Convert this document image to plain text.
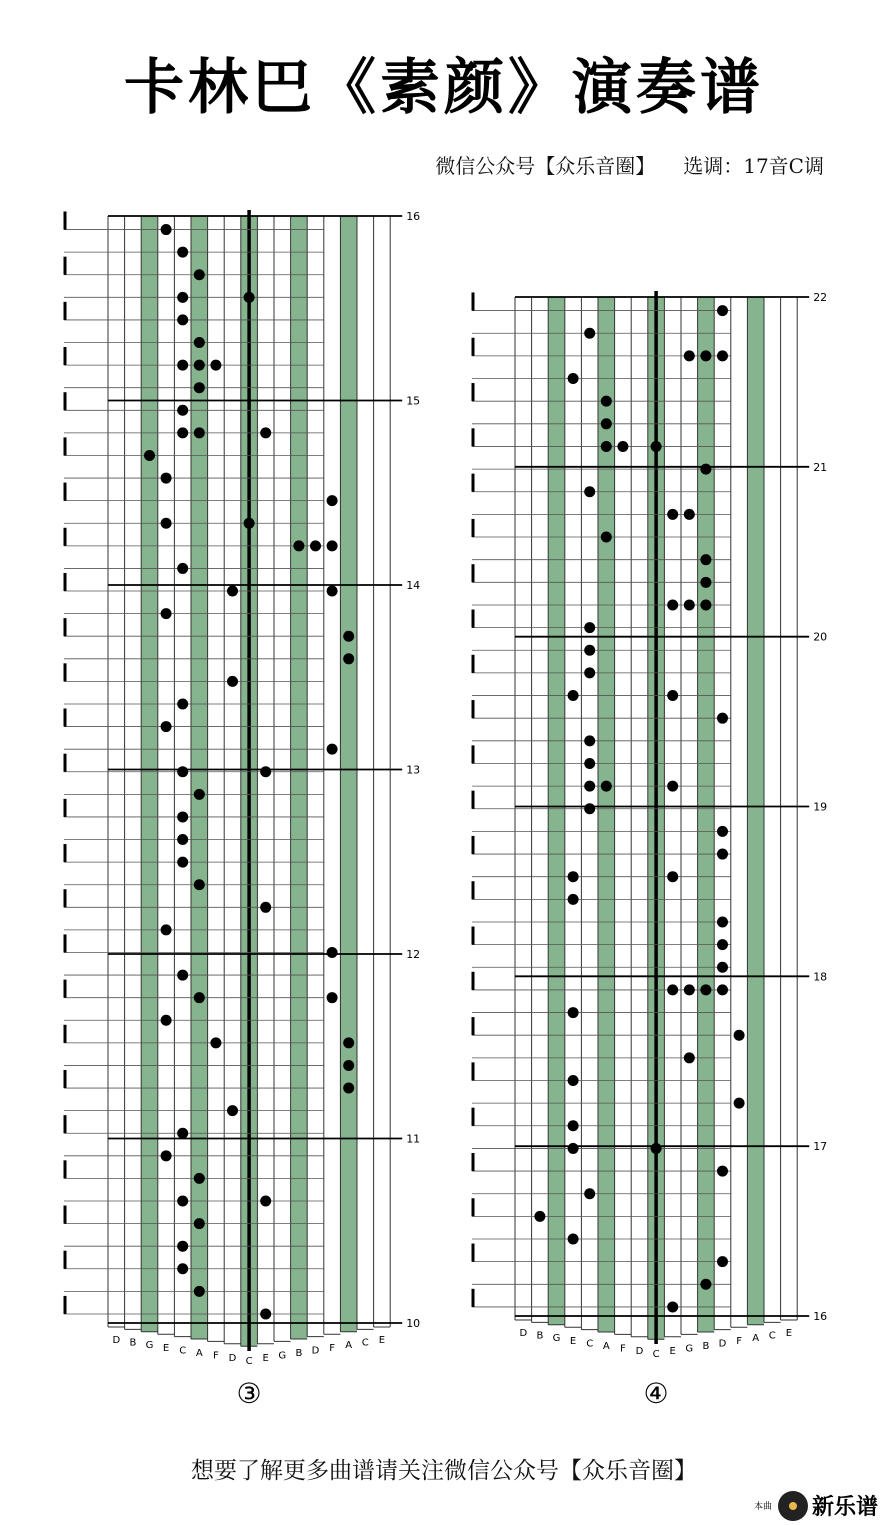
卡林巴《素颜》演奏谱
微信公众号【众乐音圈】 选调：17音C调
16
15
14
13
12
11
10
D B G E C A F D C E G B D F A C E
③
22
21
20
19
18
17
16
D B G E C A F D C E G B D F A C E
④
想要了解更多曲谱请关注微信公众号【众乐音圈】
本曲 新乐谱
